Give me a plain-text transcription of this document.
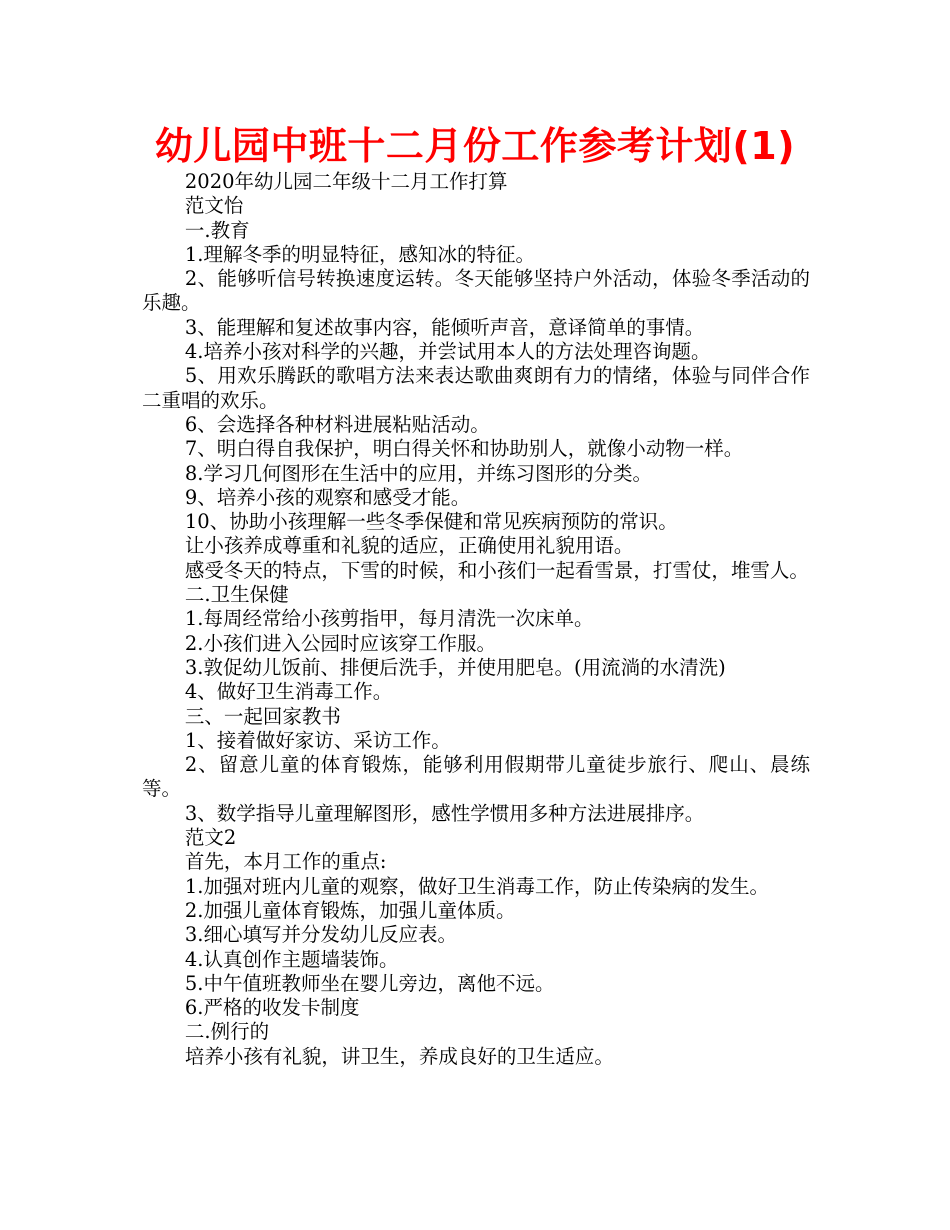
幼儿园中班十二月份工作参考计划(1)

2020年幼儿园二年级十二月工作打算

范文怡

一.教育

1.理解冬季的明显特征，感知冰的特征。

2、能够听信号转换速度运转。冬天能够坚持户外活动，体验冬季活动的乐趣。

3、能理解和复述故事内容，能倾听声音，意译简单的事情。

4.培养小孩对科学的兴趣，并尝试用本人的方法处理咨询题。

5、用欢乐腾跃的歌唱方法来表达歌曲爽朗有力的情绪，体验与同伴合作二重唱的欢乐。

6、会选择各种材料进展粘贴活动。

7、明白得自我保护，明白得关怀和协助别人，就像小动物一样。

8.学习几何图形在生活中的应用，并练习图形的分类。

9、培养小孩的观察和感受才能。

10、协助小孩理解一些冬季保健和常见疾病预防的常识。

让小孩养成尊重和礼貌的适应，正确使用礼貌用语。

感受冬天的特点，下雪的时候，和小孩们一起看雪景，打雪仗，堆雪人。

二.卫生保健

1.每周经常给小孩剪指甲，每月清洗一次床单。

2.小孩们进入公园时应该穿工作服。

3.敦促幼儿饭前、排便后洗手，并使用肥皂。(用流淌的水清洗)

4、做好卫生消毒工作。

三、一起回家教书

1、接着做好家访、采访工作。

2、留意儿童的体育锻炼，能够利用假期带儿童徒步旅行、爬山、晨练等。

3、数学指导儿童理解图形，感性学惯用多种方法进展排序。

范文2

首先，本月工作的重点:

1.加强对班内儿童的观察，做好卫生消毒工作，防止传染病的发生。

2.加强儿童体育锻炼，加强儿童体质。

3.细心填写并分发幼儿反应表。

4.认真创作主题墙装饰。

5.中午值班教师坐在婴儿旁边，离他不远。

6.严格的收发卡制度

二.例行的

培养小孩有礼貌，讲卫生，养成良好的卫生适应。
